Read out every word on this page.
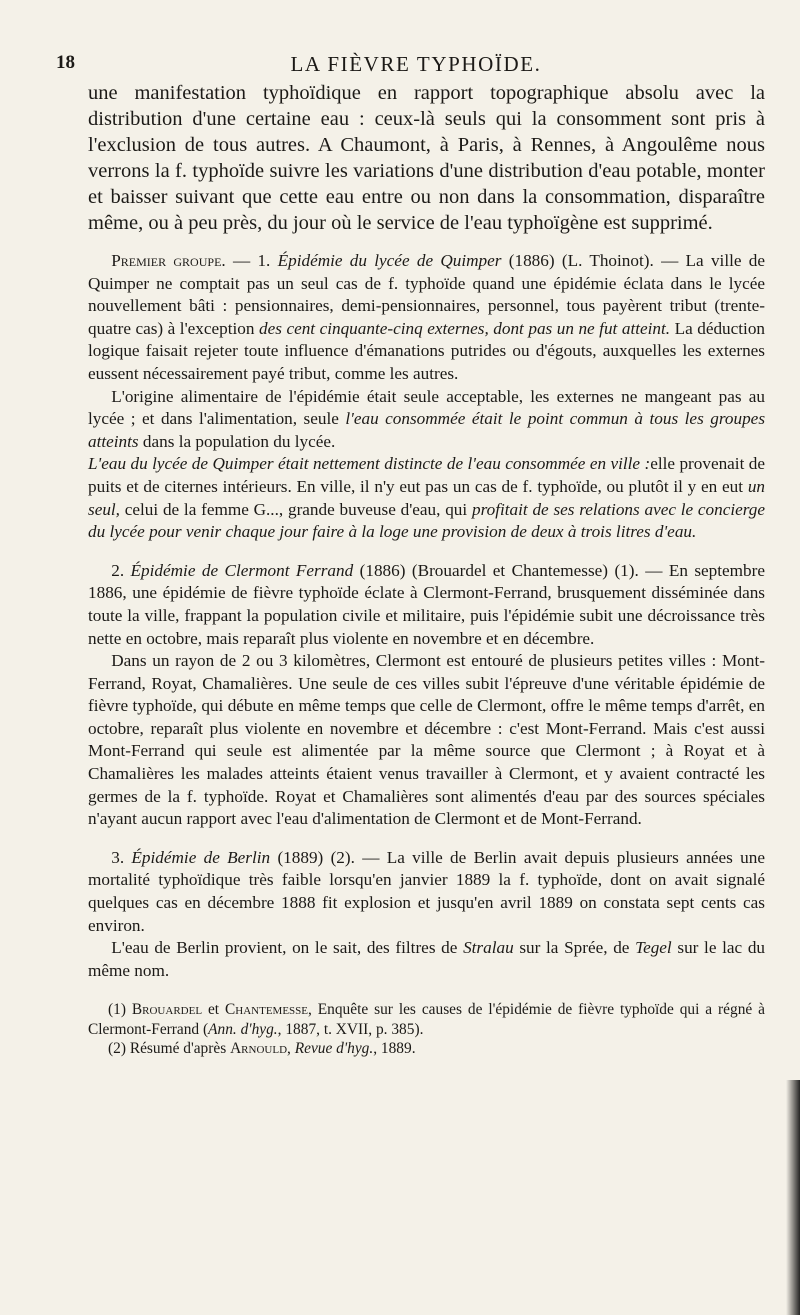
18	LA FIÈVRE TYPHOÏDE.

une manifestation typhoïdique en rapport topographique absolu avec la distribution d'une certaine eau : ceux-là seuls qui la consomment sont pris à l'exclusion de tous autres. A Chaumont, à Paris, à Rennes, à Angoulême nous verrons la f. typhoïde suivre les variations d'une distribution d'eau potable, monter et baisser suivant que cette eau entre ou non dans la consommation, disparaître même, ou à peu près, du jour où le service de l'eau typhoïgène est supprimé.

Premier groupe. — 1. Épidémie du lycée de Quimper (1886) (L. Thoinot). — La ville de Quimper ne comptait pas un seul cas de f. typhoïde quand une épidémie éclata dans le lycée nouvellement bâti : pensionnaires, demi-pensionnaires, personnel, tous payèrent tribut (trente-quatre cas) à l'exception des cent cinquante-cinq externes, dont pas un ne fut atteint. La déduction logique faisait rejeter toute influence d'émanations putrides ou d'égouts, auxquelles les externes eussent nécessairement payé tribut, comme les autres.

L'origine alimentaire de l'épidémie était seule acceptable, les externes ne mangeant pas au lycée ; et dans l'alimentation, seule l'eau consommée était le point commun à tous les groupes atteints dans la population du lycée.

L'eau du lycée de Quimper était nettement distincte de l'eau consommée en ville :elle provenait de puits et de citernes intérieurs. En ville, il n'y eut pas un cas de f. typhoïde, ou plutôt il y en eut un seul, celui de la femme G..., grande buveuse d'eau, qui profitait de ses relations avec le concierge du lycée pour venir chaque jour faire à la loge une provision de deux à trois litres d'eau.

2. Épidémie de Clermont Ferrand (1886) (Brouardel et Chantemesse) (1). — En septembre 1886, une épidémie de fièvre typhoïde éclate à Clermont-Ferrand, brusquement disséminée dans toute la ville, frappant la population civile et militaire, puis l'épidémie subit une décroissance très nette en octobre, mais reparaît plus violente en novembre et en décembre.

Dans un rayon de 2 ou 3 kilomètres, Clermont est entouré de plusieurs petites villes : Mont-Ferrand, Royat, Chamalières. Une seule de ces villes subit l'épreuve d'une véritable épidémie de fièvre typhoïde, qui débute en même temps que celle de Clermont, offre le même temps d'arrêt, en octobre, reparaît plus violente en novembre et décembre : c'est Mont-Ferrand. Mais c'est aussi Mont-Ferrand qui seule est alimentée par la même source que Clermont ; à Royat et à Chamalières les malades atteints étaient venus travailler à Clermont, et y avaient contracté les germes de la f. typhoïde. Royat et Chamalières sont alimentés d'eau par des sources spéciales n'ayant aucun rapport avec l'eau d'alimentation de Clermont et de Mont-Ferrand.

3. Épidémie de Berlin (1889) (2). — La ville de Berlin avait depuis plusieurs années une mortalité typhoïdique très faible lorsqu'en janvier 1889 la f. typhoïde, dont on avait signalé quelques cas en décembre 1888 fit explosion et jusqu'en avril 1889 on constata sept cents cas environ.

L'eau de Berlin provient, on le sait, des filtres de Stralau sur la Sprée, de Tegel sur le lac du même nom.

(1) Brouardel et Chantemesse, Enquête sur les causes de l'épidémie de fièvre typhoïde qui a régné à Clermont-Ferrand (Ann. d'hyg., 1887, t. XVII, p. 385).

(2) Résumé d'après Arnould, Revue d'hyg., 1889.
